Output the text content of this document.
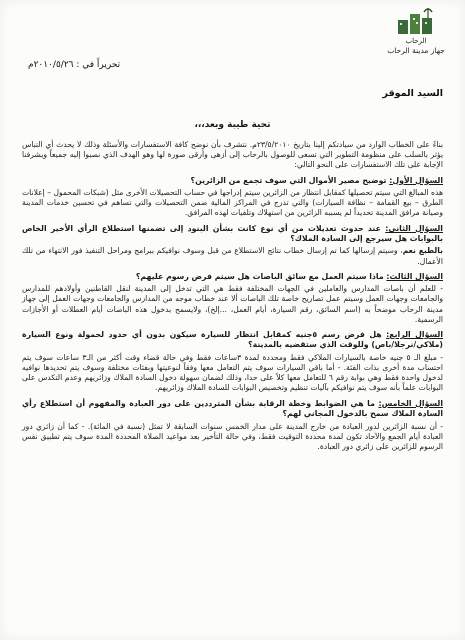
الرحاب
جهاز مدينة الرحاب
تحريراً في : ٢٠١٠/٥/٢٦م
السيد الموقر
تحية طيبة وبعد،،،

بناءً على الخطاب الوارد من سيادتكم إلينا بتاريخ ٢٣/٥/٢٠١٠م. نتشرف بأن نوضح كافة الاستفسارات والأسئلة وذلك لا يحدث أي التباس يؤثر بالسلب على منظومة التطوير التي تسعى للوصول بالرحاب إلى أزهى وأرقى صورة لها وهو الهدف الذي نصبوا إليه جميعاً ويشرفنا الإجابة على تلك الاستفسارات على النحو التالي:

السؤال الأول: توضيح مصير الأموال التي سوف تجمع من الزائرين؟
هذه المبالغ التي سيتم تحصيلها كمقابل انتظار من الزائرين سيتم إدراجها في حساب التحصيلات الأخرى مثل (شبكات المحمول – إعلانات الطرق – بيع القمامة – نظافة السيارات) والتي تدرج في المراكز المالية ضمن التحصيلات والتي تساهم في تحسين خدمات المدينة وصيانة مرافق المدينة تحديداً لم يسببه الزائرين من استهلاك وتلفيات لهذه المرافق.
السؤال الثاني: عند حدوث تعديلات من أي نوع كانت بشأن البنود إلى تضمنها استطلاع الرأي الأخير الخاص بالبوابات هل سيرجع إلى السادة الملاك؟
بالطبع نعم، وسيتم إرسالها كما تم إرسال خطاب نتائج الاستطلاع من قبل وسوف نوافيكم ببرامج ومراحل التنفيذ فور الانتهاء من تلك الأعمال.
السؤال الثالث: ماذا سيتم العمل مع سائق الباصات هل سيتم فرض رسوم عليهم؟
- للعلم أن باصات المدارس والعاملين في الجهات المختلفة فقط هي التي تدخل إلى المدينة لنقل القاطنين وأولادهم للمدارس والجامعات وجهات العمل وسيتم عمل تصاريح خاصة تلك الباصات ألا عند خطاب موجه من المدارس والجامعات وجهات العمل إلى جهاز مدينة الرحاب موضحاً به (اسم السائق، رقم السيارة، أيام العمل، ...إلخ)، ولايسمح بدخول هذه الباصات أيام العطلات أو الأجازات الرسمية.
السؤال الرابع: هل فرض رسم ٥جنيه كمقابل انتظار للسيارة سيكون بدون أي حدود لحمولة ونوع السيارة (ملاكي/نرجلا/باص) وللوقت الذي ستقضيه بالمدينة؟
- مبلغ الـ ٥ جنيه خاصة بالسيارات الملاكي فقط ومحددة لمدة ٣ساعات فقط وفي حالة قضاء وقت أكثر من الـ٣ ساعات سوف يتم احتساب مدة أخرى بذات الفئة. - أما باقي السيارات سوف يتم التعامل معها وفقاً لنوعيتها وبفئات مختلفة وسوف يتم تحديدها نوافيه لدخول واحدة فقط وهي بوابة رقم ٦ للتعامل معها كلاً على حدا، وذلك لضمان سهولة دخول السادة الملاك وزائريهم وعدم التكدس على البوابات علماً بأنه سوف يتم نوافيكم بآليات تنظيم وتخصيص البوابات للسادة الملاك وزائريهم.
السؤال الخامس: ما هي الضوابط وخطة الرقابة بشأن المترددين على دور العبادة والمفهوم أن استطلاع رأي السادة الملاك سمح بالدخول المجاني لهم؟
- أن نسبة الزائرين لدور العبادة من خارج المدينة على مدار الخمس سنوات السابقة لا تمثل (نسبة في المائة). - كما أن زائري دور العبادة أيام الجمع والآحاد تكون لمدة محددة التوقيت فقط، وفي حالة التأخير بعد مواعيد الصلاة المحددة المدة سوف يتم تطبيق نفس الرسوم للزائرين على زائري دور العبادة.
